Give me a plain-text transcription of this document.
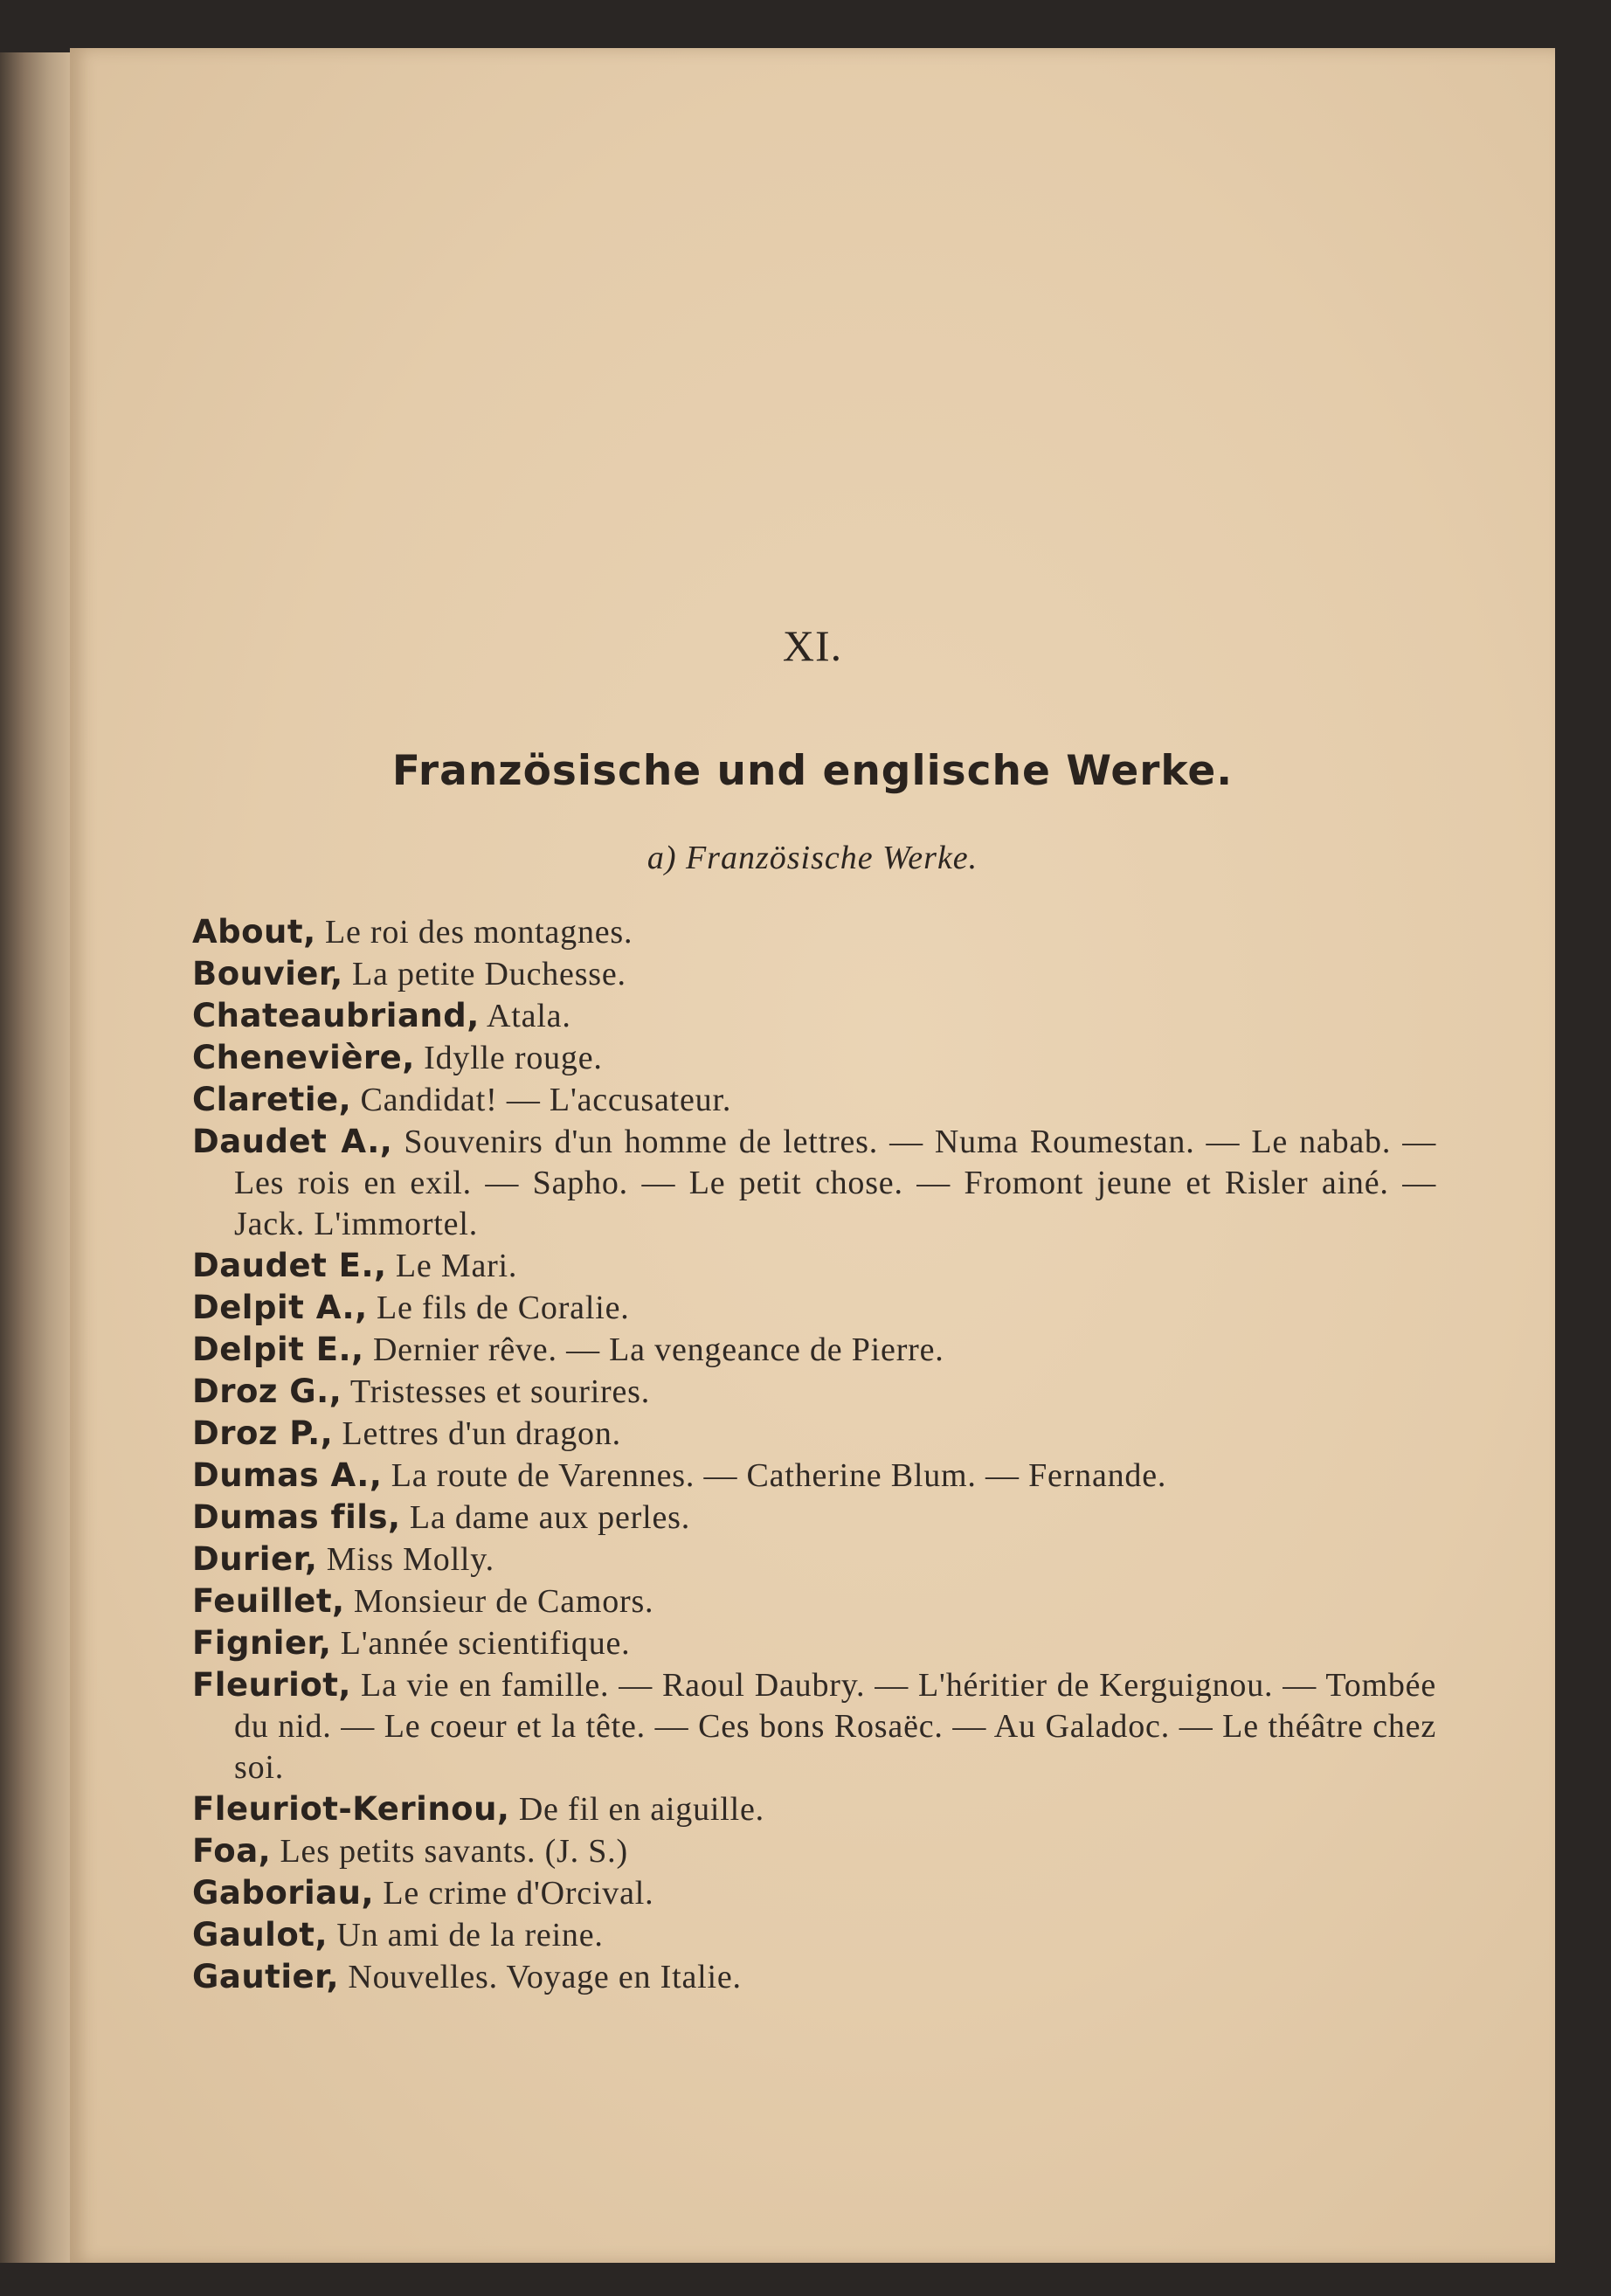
XI.
Französische und englische Werke.
a) Französische Werke.
About, Le roi des montagnes.
Bouvier, La petite Duchesse.
Chateaubriand, Atala.
Chenevière, Idylle rouge.
Claretie, Candidat! — L'accusateur.
Daudet A., Souvenirs d'un homme de lettres. — Numa Roumestan. — Le nabab. — Les rois en exil. — Sapho. — Le petit chose. — Fromont jeune et Risler ainé. — Jack. L'immortel.
Daudet E., Le Mari.
Delpit A., Le fils de Coralie.
Delpit E., Dernier rêve. — La vengeance de Pierre.
Droz G., Tristesses et sourires.
Droz P., Lettres d'un dragon.
Dumas A., La route de Varennes. — Catherine Blum. — Fernande.
Dumas fils, La dame aux perles.
Durier, Miss Molly.
Feuillet, Monsieur de Camors.
Fignier, L'année scientifique.
Fleuriot, La vie en famille. — Raoul Daubry. — L'héritier de Kerguignou. — Tombée du nid. — Le coeur et la tête. — Ces bons Rosaëc. — Au Galadoc. — Le théâtre chez soi.
Fleuriot-Kerinou, De fil en aiguille.
Foa, Les petits savants. (J. S.)
Gaboriau, Le crime d'Orcival.
Gaulot, Un ami de la reine.
Gautier, Nouvelles. Voyage en Italie.
